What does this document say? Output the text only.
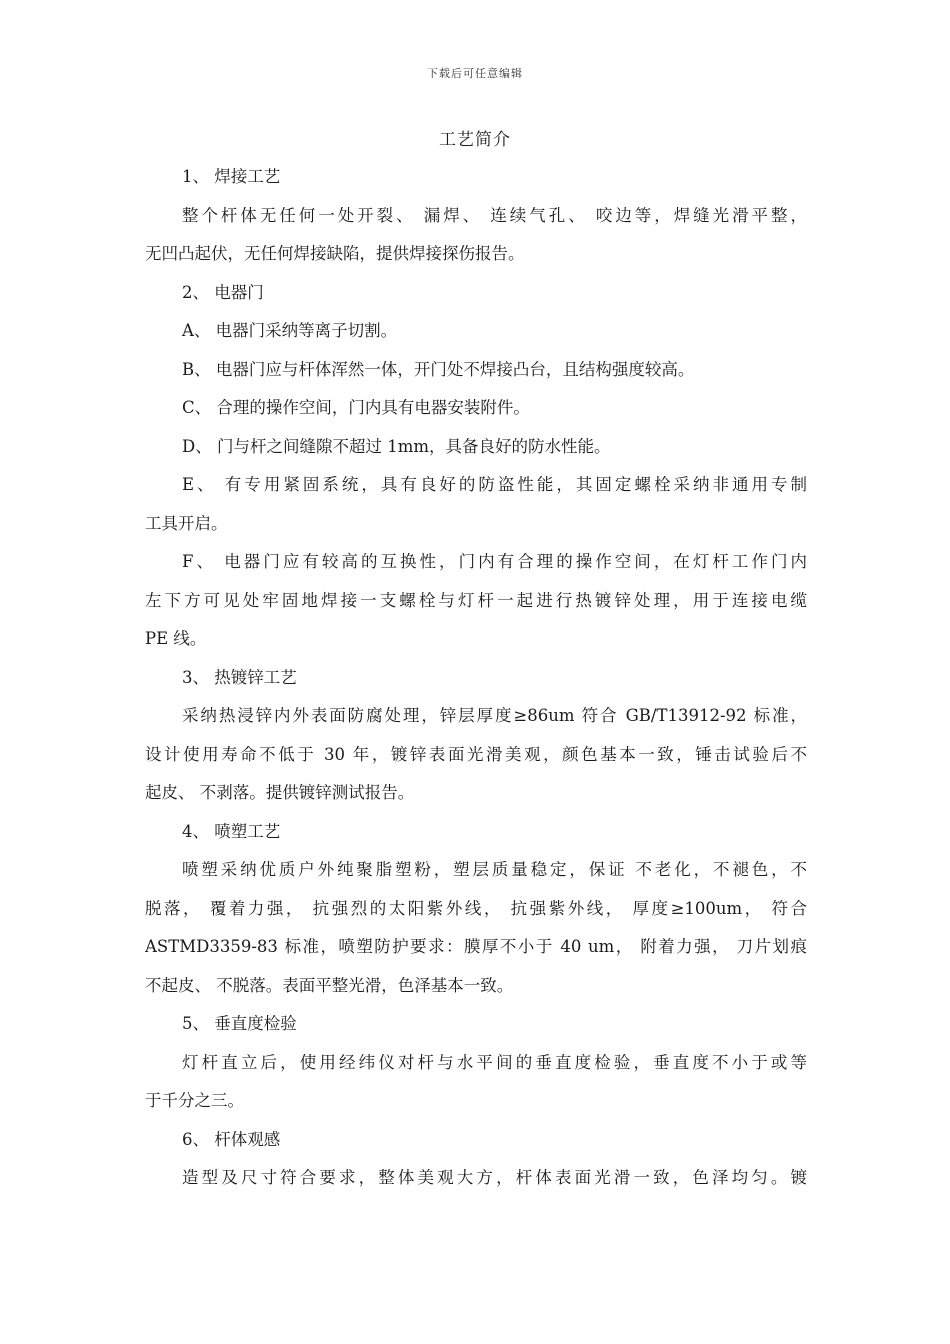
下载后可任意编辑
工艺简介
1、 焊接工艺
整个杆体无任何一处开裂、 漏焊、 连续气孔、 咬边等，焊缝光滑平整，
无凹凸起伏，无任何焊接缺陷，提供焊接探伤报告。
2、 电器门
A、 电器门采纳等离子切割。
B、 电器门应与杆体浑然一体，开门处不焊接凸台，且结构强度较高。
C、 合理的操作空间，门内具有电器安装附件。
D、 门与杆之间缝隙不超过 1mm，具备良好的防水性能。
E、 有专用紧固系统，具有良好的防盗性能，其固定螺栓采纳非通用专制
工具开启。
F、 电器门应有较高的互换性，门内有合理的操作空间，在灯杆工作门内
左下方可见处牢固地焊接一支螺栓与灯杆一起进行热镀锌处理，用于连接电缆
PE 线。
3、 热镀锌工艺
采纳热浸锌内外表面防腐处理，锌层厚度≥86um 符合 GB/T13912-92 标准，
设计使用寿命不低于 30 年，镀锌表面光滑美观，颜色基本一致，锤击试验后不
起皮、 不剥落。提供镀锌测试报告。
4、 喷塑工艺
喷塑采纳优质户外纯聚脂塑粉，塑层质量稳定，保证 不老化，不褪色，不
脱落， 覆着力强， 抗强烈的太阳紫外线， 抗强紫外线， 厚度≥100um， 符合
ASTMD3359-83 标准，喷塑防护要求：膜厚不小于 40 um， 附着力强， 刀片划痕
不起皮、 不脱落。表面平整光滑，色泽基本一致。
5、 垂直度检验
灯杆直立后，使用经纬仪对杆与水平间的垂直度检验，垂直度不小于或等
于千分之三。
6、 杆体观感
造型及尺寸符合要求，整体美观大方，杆体表面光滑一致，色泽均匀。镀
